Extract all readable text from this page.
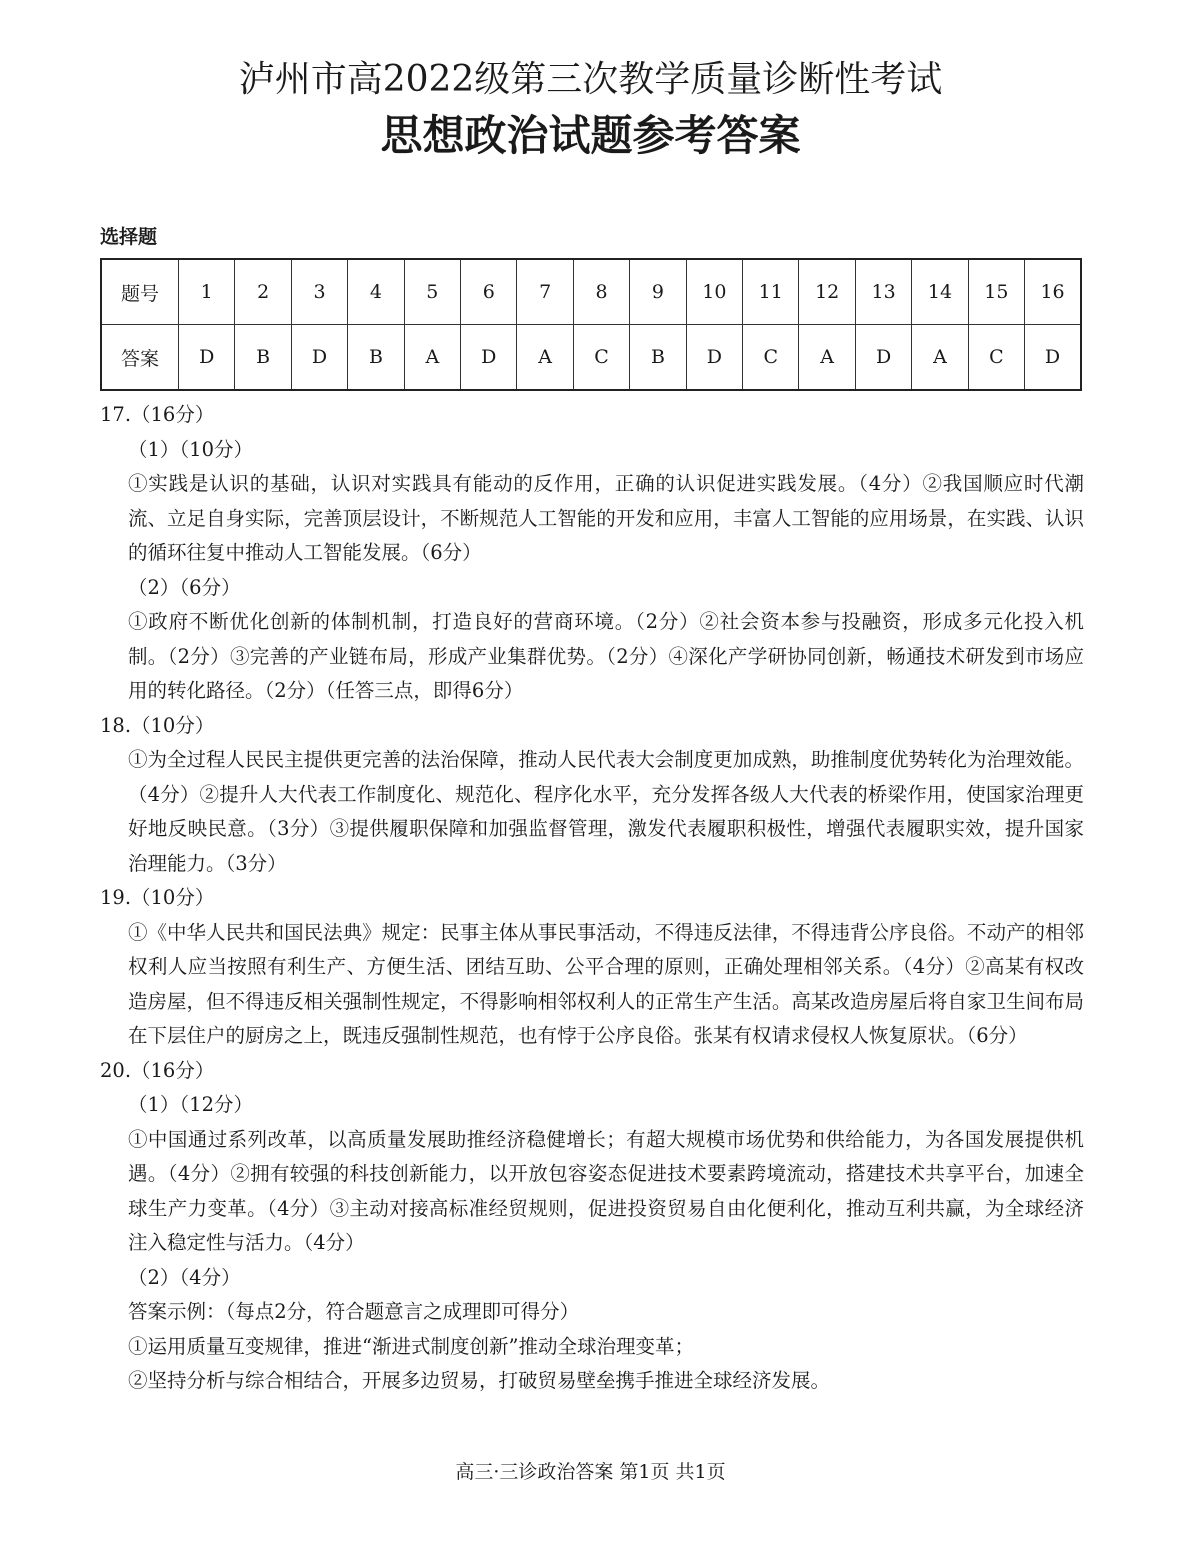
泸州市高2022级第三次教学质量诊断性考试
思想政治试题参考答案
选择题
题号	1	2	3	4	5	6	7	8	9	10	11	12	13	14	15	16
答案	D	B	D	B	A	D	A	C	B	D	C	A	D	A	C	D

17.（16分）

（1）（10分）

①实践是认识的基础，认识对实践具有能动的反作用，正确的认识促进实践发展。（4分）②我国顺应时代潮流、立足自身实际，完善顶层设计，不断规范人工智能的开发和应用，丰富人工智能的应用场景，在实践、认识的循环往复中推动人工智能发展。（6分）

（2）（6分）

①政府不断优化创新的体制机制，打造良好的营商环境。（2分）②社会资本参与投融资，形成多元化投入机制。（2分）③完善的产业链布局，形成产业集群优势。（2分）④深化产学研协同创新，畅通技术研发到市场应用的转化路径。（2分）（任答三点，即得6分）

18.（10分）

①为全过程人民民主提供更完善的法治保障，推动人民代表大会制度更加成熟，助推制度优势转化为治理效能。（4分）②提升人大代表工作制度化、规范化、程序化水平，充分发挥各级人大代表的桥梁作用，使国家治理更好地反映民意。（3分）③提供履职保障和加强监督管理，激发代表履职积极性，增强代表履职实效，提升国家治理能力。（3分）

19.（10分）

①《中华人民共和国民法典》规定：民事主体从事民事活动，不得违反法律，不得违背公序良俗。不动产的相邻权利人应当按照有利生产、方便生活、团结互助、公平合理的原则，正确处理相邻关系。（4分）②高某有权改造房屋，但不得违反相关强制性规定，不得影响相邻权利人的正常生产生活。高某改造房屋后将自家卫生间布局在下层住户的厨房之上，既违反强制性规范，也有悖于公序良俗。张某有权请求侵权人恢复原状。（6分）

20.（16分）

（1）（12分）

①中国通过系列改革，以高质量发展助推经济稳健增长；有超大规模市场优势和供给能力，为各国发展提供机遇。（4分）②拥有较强的科技创新能力，以开放包容姿态促进技术要素跨境流动，搭建技术共享平台，加速全球生产力变革。（4分）③主动对接高标准经贸规则，促进投资贸易自由化便利化，推动互利共赢，为全球经济注入稳定性与活力。（4分）

（2）（4分）

答案示例：（每点2分，符合题意言之成理即可得分）

①运用质量互变规律，推进“渐进式制度创新”推动全球治理变革；

②坚持分析与综合相结合，开展多边贸易，打破贸易壁垒携手推进全球经济发展。

高三·三诊政治答案 第1页 共1页
